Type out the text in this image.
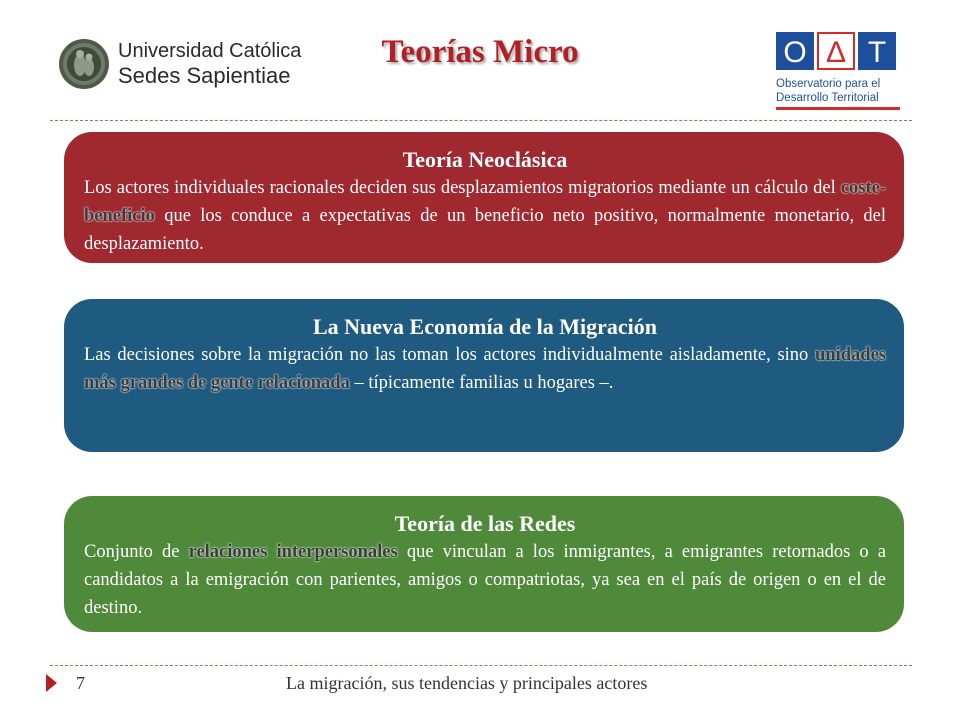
Universidad Católica
Sedes Sapientiae
Teorías Micro	O Δ T
Observatorio para el
Desarrollo Territorial
Teoría Neoclásica

Los actores individuales racionales deciden sus desplazamientos migratorios mediante un cálculo del coste-beneficio que los conduce a expectativas de un beneficio neto positivo, normalmente monetario, del desplazamiento.

La Nueva Economía de la Migración

Las decisiones sobre la migración no las toman los actores individualmente aisladamente, sino unidades más grandes de gente relacionada – típicamente familias u hogares –.

Teoría de las Redes

Conjunto de relaciones interpersonales que vinculan a los inmigrantes, a emigrantes retornados o a candidatos a la emigración con parientes, amigos o compatriotas, ya sea en el país de origen o en el de destino.

7	La migración, sus tendencias y principales actores
